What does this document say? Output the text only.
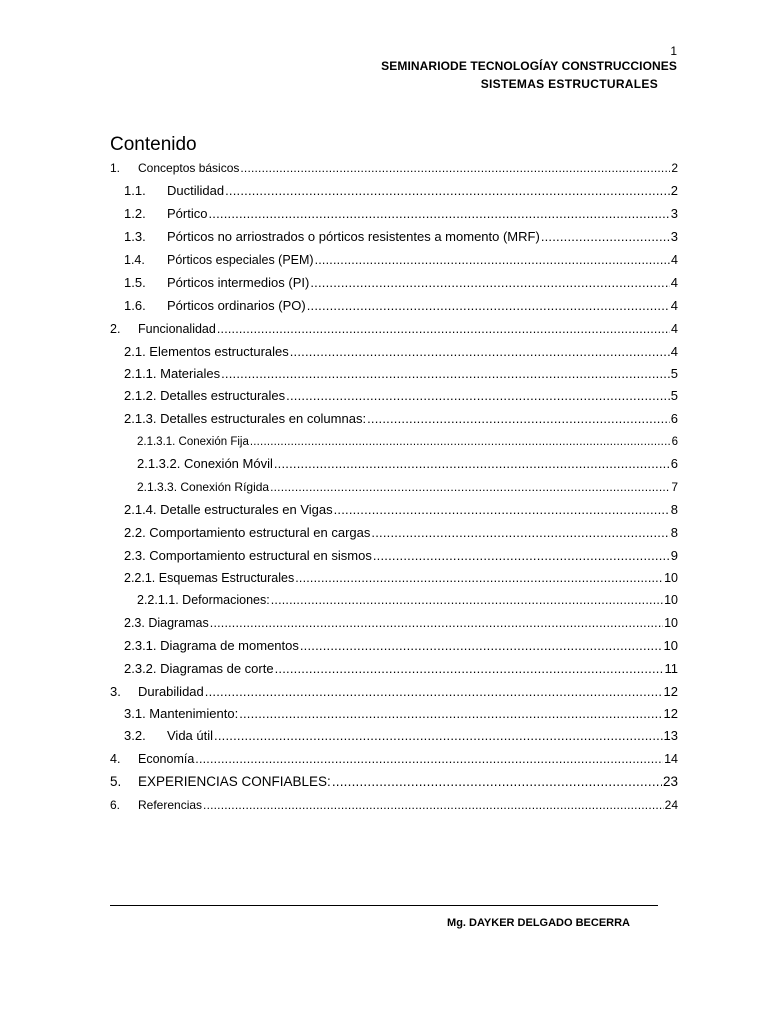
1
SEMINARIODE TECNOLOGÍAY CONSTRUCCIONES
SISTEMAS ESTRUCTURALES
Contenido
1.	Conceptos básicos .....	2
1.1.	Ductilidad .....	2
1.2.	Pórtico .....	3
1.3.	Pórticos no arriostrados o pórticos resistentes a momento (MRF) .....	3
1.4.	Pórticos especiales (PEM) .....	4
1.5.	Pórticos intermedios (PI) .....	4
1.6.	Pórticos ordinarios (PO) .....	4
2.	Funcionalidad .....	4
2.1. Elementos estructurales .....	4
2.1.1. Materiales .....	5
2.1.2. Detalles estructurales .....	5
2.1.3. Detalles estructurales en columnas: .....	6
2.1.3.1. Conexión Fija .....	6
2.1.3.2. Conexión Móvil .....	6
2.1.3.3. Conexión Rígida .....	7
2.1.4. Detalle estructurales en Vigas .....	8
2.2. Comportamiento estructural en cargas .....	8
2.3. Comportamiento estructural en sismos .....	9
2.2.1. Esquemas Estructurales .....	10
2.2.1.1. Deformaciones: .....	10
2.3. Diagramas .....	10
2.3.1. Diagrama de momentos .....	10
2.3.2. Diagramas de corte .....	11
3.	Durabilidad .....	12
3.1. Mantenimiento: .....	12
3.2.	Vida útil .....	13
4.	Economía .....	14
5.	EXPERIENCIAS CONFIABLES: .....	23
6.	Referencias .....	24
Mg. DAYKER DELGADO BECERRA
